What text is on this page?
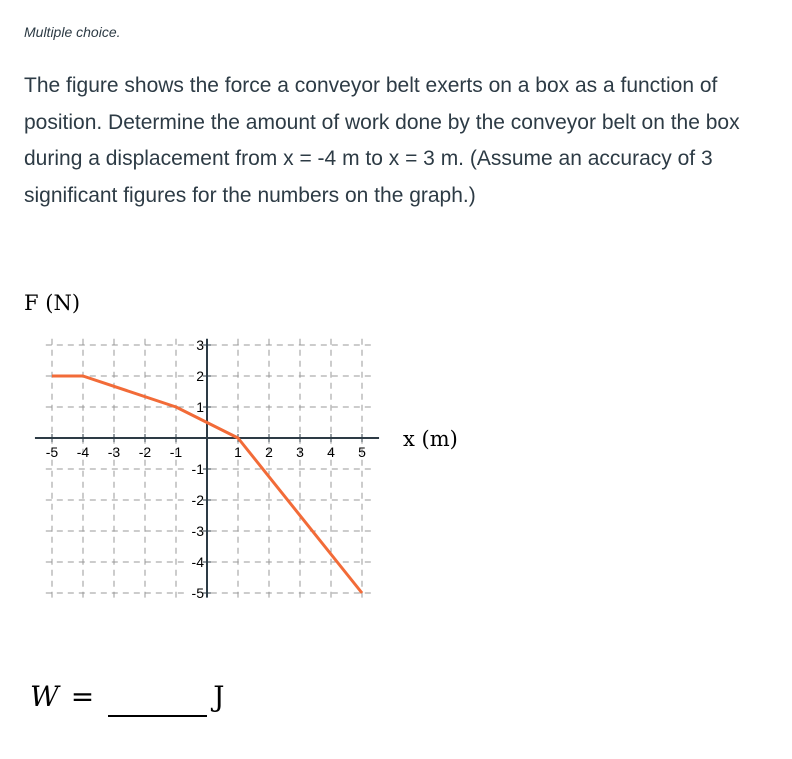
Multiple choice.
The figure shows the force a conveyor belt exerts on a box as a function of position. Determine the amount of work done by the conveyor belt on the box during a displacement from x = -4 m to x = 3 m. (Assume an accuracy of 3 significant figures for the numbers on the graph.)
-5 -4 -3 -2 -1	1 2 3 4 5
3
2
1
-1
-2
-3
-4
-5
F (N)
x (m)
W =	J
